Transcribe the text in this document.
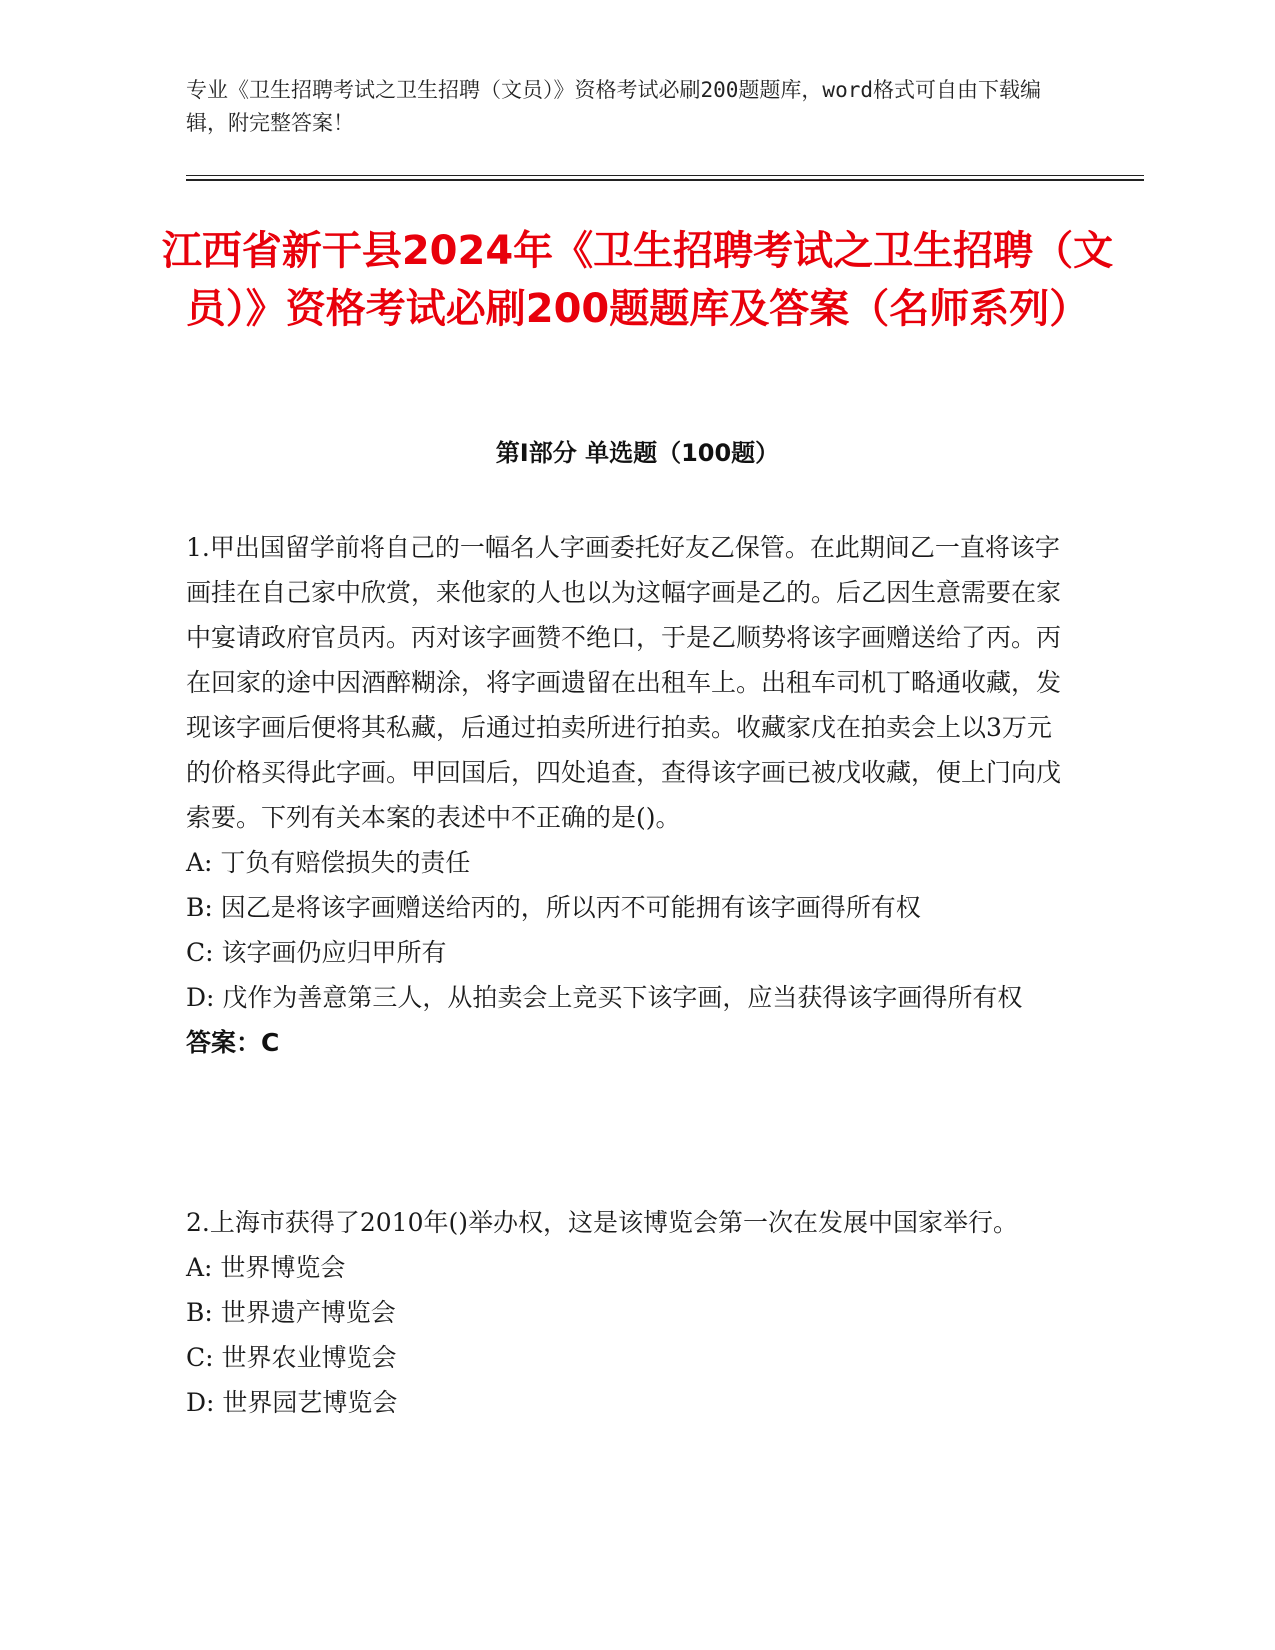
专业《卫生招聘考试之卫生招聘（文员）》资格考试必刷200题题库，word格式可自由下载编辑，附完整答案！
江西省新干县2024年《卫生招聘考试之卫生招聘（文员）》资格考试必刷200题题库及答案（名师系列）
第Ⅰ部分 单选题（100题）

1.甲出国留学前将自己的一幅名人字画委托好友乙保管。在此期间乙一直将该字画挂在自己家中欣赏，来他家的人也以为这幅字画是乙的。后乙因生意需要在家中宴请政府官员丙。丙对该字画赞不绝口，于是乙顺势将该字画赠送给了丙。丙在回家的途中因酒醉糊涂，将字画遗留在出租车上。出租车司机丁略通收藏，发现该字画后便将其私藏，后通过拍卖所进行拍卖。收藏家戊在拍卖会上以3万元的价格买得此字画。甲回国后，四处追查，查得该字画已被戊收藏，便上门向戊索要。下列有关本案的表述中不正确的是()。

A: 丁负有赔偿损失的责任

B: 因乙是将该字画赠送给丙的，所以丙不可能拥有该字画得所有权

C: 该字画仍应归甲所有

D: 戊作为善意第三人，从拍卖会上竞买下该字画，应当获得该字画得所有权

答案：C

2.上海市获得了2010年()举办权，这是该博览会第一次在发展中国家举行。

A: 世界博览会

B: 世界遗产博览会

C: 世界农业博览会

D: 世界园艺博览会
